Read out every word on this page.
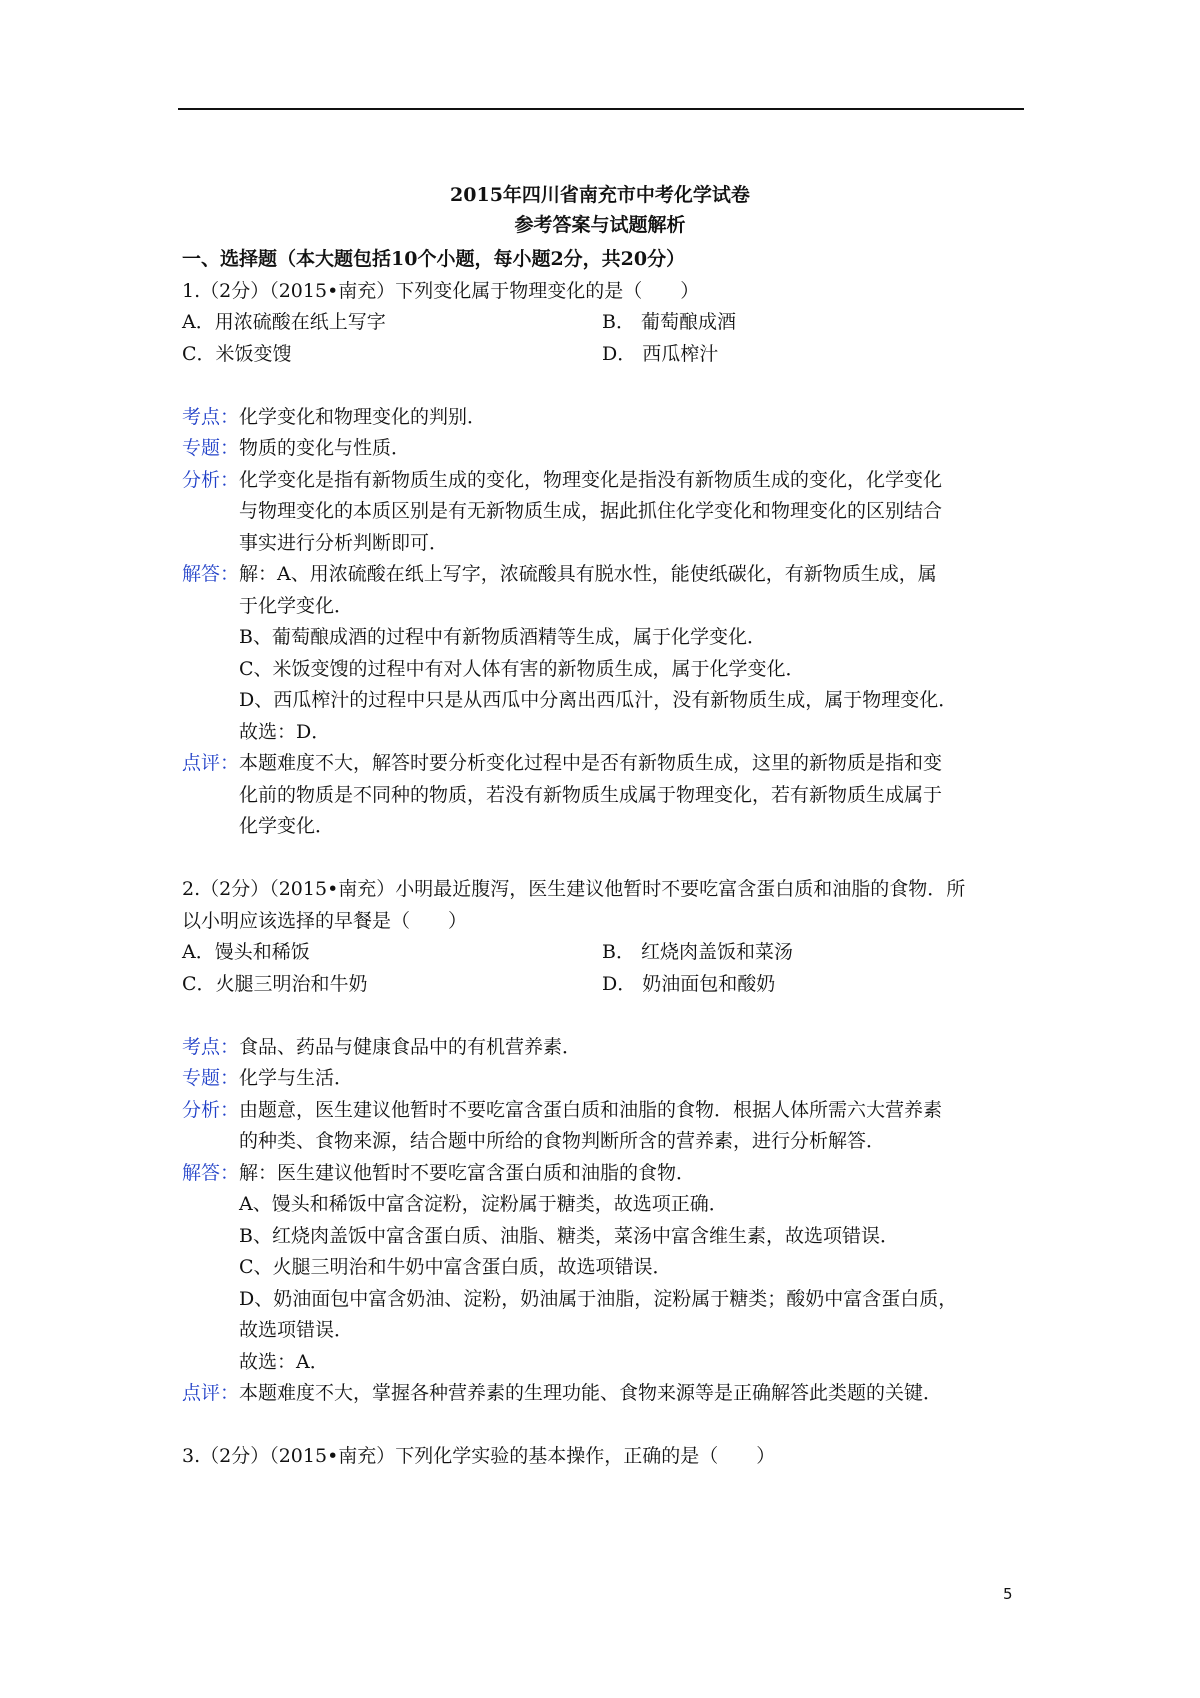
2015年四川省南充市中考化学试卷
参考答案与试题解析
一、选择题（本大题包括10个小题，每小题2分，共20分）
1.（2分）（2015•南充）下列变化属于物理变化的是（　　）
A．用浓硫酸在纸上写字	B． 葡萄酿成酒
C．米饭变馊	D． 西瓜榨汁
考点： 化学变化和物理变化的判别．
专题： 物质的变化与性质．
分析： 化学变化是指有新物质生成的变化，物理变化是指没有新物质生成的变化，化学变化
与物理变化的本质区别是有无新物质生成，据此抓住化学变化和物理变化的区别结合
事实进行分析判断即可．
解答： 解：A、用浓硫酸在纸上写字，浓硫酸具有脱水性，能使纸碳化，有新物质生成，属
于化学变化．
B、葡萄酿成酒的过程中有新物质酒精等生成，属于化学变化．
C、米饭变馊的过程中有对人体有害的新物质生成，属于化学变化．
D、西瓜榨汁的过程中只是从西瓜中分离出西瓜汁，没有新物质生成，属于物理变化．
故选：D．
点评： 本题难度不大，解答时要分析变化过程中是否有新物质生成，这里的新物质是指和变
化前的物质是不同种的物质，若没有新物质生成属于物理变化，若有新物质生成属于
化学变化．
2.（2分）（2015•南充）小明最近腹泻，医生建议他暂时不要吃富含蛋白质和油脂的食物．所
以小明应该选择的早餐是（　　）
A．馒头和稀饭	B． 红烧肉盖饭和菜汤
C．火腿三明治和牛奶	D． 奶油面包和酸奶
考点： 食品、药品与健康食品中的有机营养素．
专题： 化学与生活．
分析： 由题意，医生建议他暂时不要吃富含蛋白质和油脂的食物．根据人体所需六大营养素
的种类、食物来源，结合题中所给的食物判断所含的营养素，进行分析解答．
解答： 解：医生建议他暂时不要吃富含蛋白质和油脂的食物．
A、馒头和稀饭中富含淀粉，淀粉属于糖类，故选项正确．
B、红烧肉盖饭中富含蛋白质、油脂、糖类，菜汤中富含维生素，故选项错误．
C、火腿三明治和牛奶中富含蛋白质，故选项错误．
D、奶油面包中富含奶油、淀粉，奶油属于油脂，淀粉属于糖类；酸奶中富含蛋白质，
故选项错误．
故选：A．
点评： 本题难度不大，掌握各种营养素的生理功能、食物来源等是正确解答此类题的关键．
3.（2分）（2015•南充）下列化学实验的基本操作，正确的是（　　）
5
